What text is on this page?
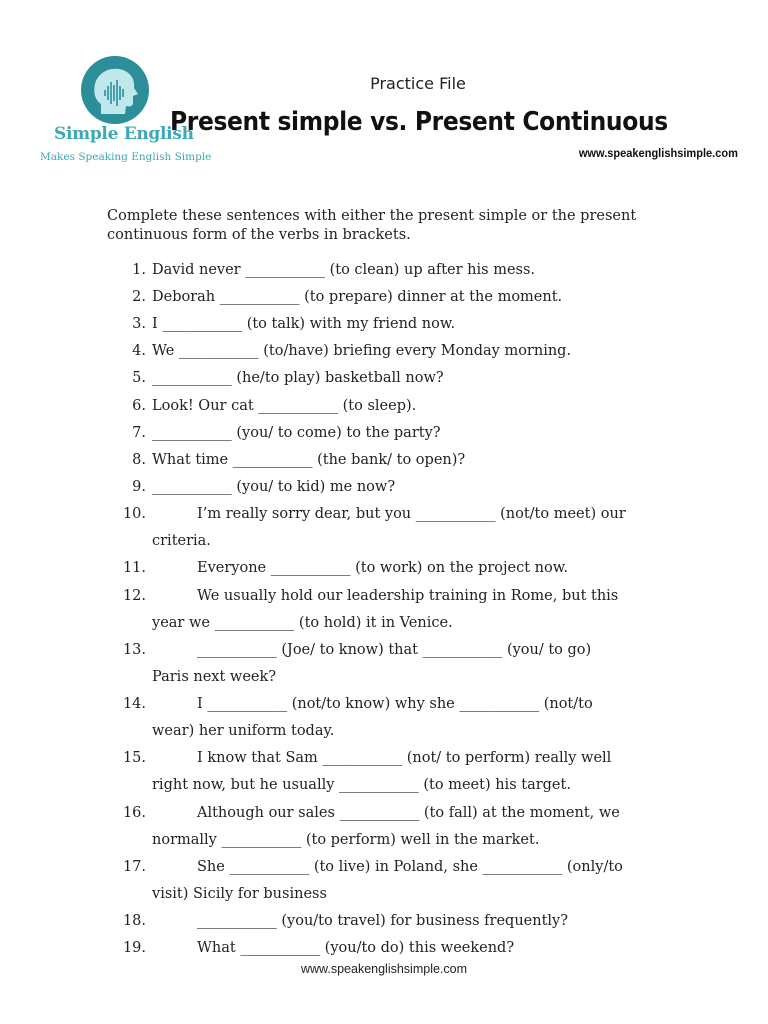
Simple English
Makes Speaking English Simple
Practice File
Present simple vs. Present Continuous
www.speakenglishsimple.com
Complete these sentences with either the present simple or the present continuous form of the verbs in brackets.
1. David never ___________ (to clean) up after his mess.
2. Deborah ___________ (to prepare) dinner at the moment.
3. I ___________ (to talk) with my friend now.
4. We ___________ (to/have) briefing every Monday morning.
5. ___________ (he/to play) basketball now?
6. Look! Our cat ___________ (to sleep).
7. ___________ (you/ to come) to the party?
8. What time ___________ (the bank/ to open)?
9. ___________ (you/ to kid) me now?
10.	I’m really sorry dear, but you ___________ (not/to meet) our
criteria.
11.	Everyone ___________ (to work) on the project now.
12.	We usually hold our leadership training in Rome, but this
year we ___________ (to hold) it in Venice.
13.	___________ (Joe/ to know) that ___________ (you/ to go)
Paris next week?
14.	I ___________ (not/to know) why she ___________ (not/to
wear) her uniform today.
15.	I know that Sam ___________ (not/ to perform) really well
right now, but he usually ___________ (to meet) his target.
16.	Although our sales ___________ (to fall) at the moment, we
normally ___________ (to perform) well in the market.
17.	She ___________ (to live) in Poland, she ___________ (only/to
visit) Sicily for business
18.	___________ (you/to travel) for business frequently?
19.	What ___________ (you/to do) this weekend?
www.speakenglishsimple.com
